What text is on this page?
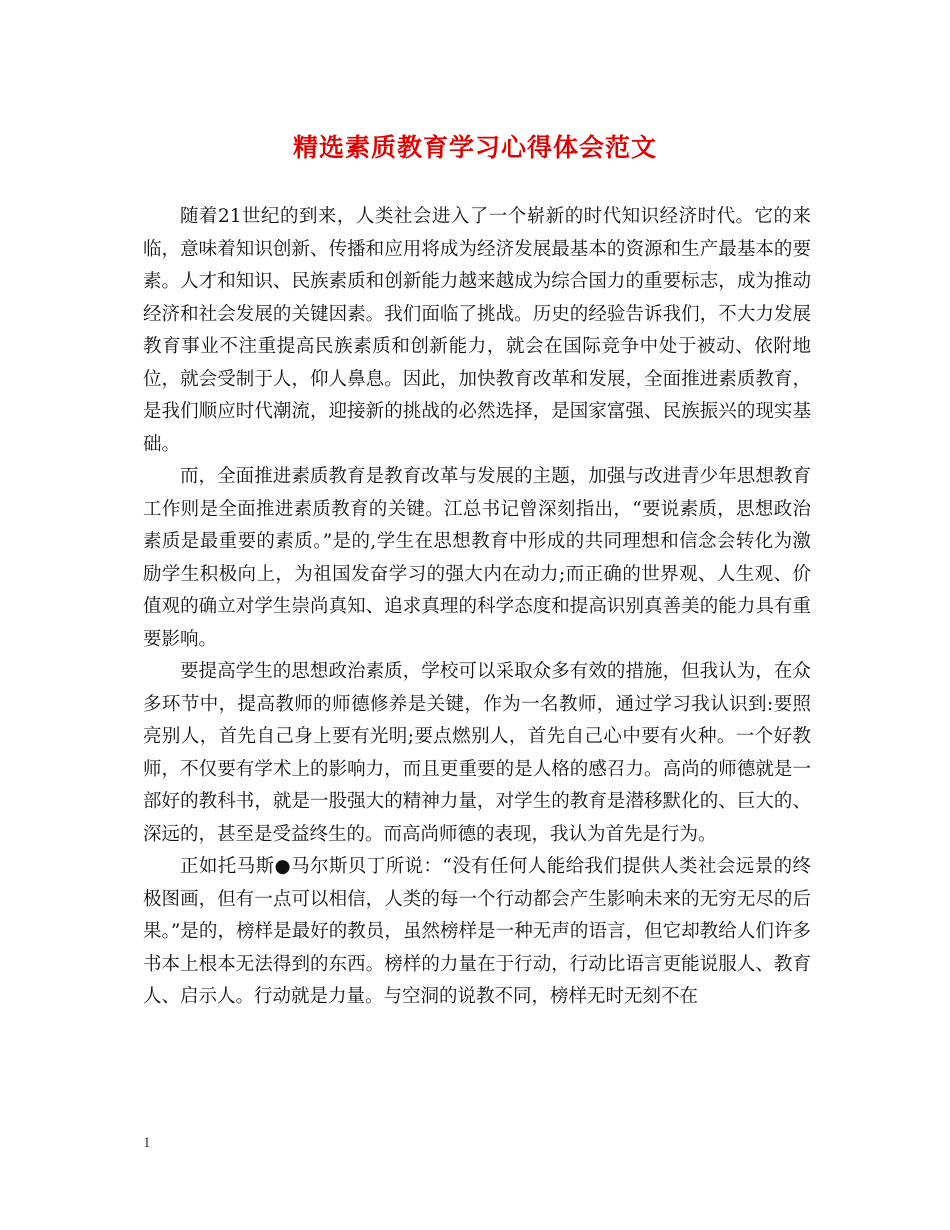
精选素质教育学习心得体会范文

随着21世纪的到来，人类社会进入了一个崭新的时代知识经济时代。它的来临，意味着知识创新、传播和应用将成为经济发展最基本的资源和生产最基本的要素。人才和知识、民族素质和创新能力越来越成为综合国力的重要标志，成为推动经济和社会发展的关键因素。我们面临了挑战。历史的经验告诉我们，不大力发展教育事业不注重提高民族素质和创新能力，就会在国际竞争中处于被动、依附地位，就会受制于人，仰人鼻息。因此，加快教育改革和发展，全面推进素质教育，是我们顺应时代潮流，迎接新的挑战的必然选择，是国家富强、民族振兴的现实基础。

而，全面推进素质教育是教育改革与发展的主题，加强与改进青少年思想教育工作则是全面推进素质教育的关键。江总书记曾深刻指出，“要说素质，思想政治素质是最重要的素质。”是的,学生在思想教育中形成的共同理想和信念会转化为激励学生积极向上，为祖国发奋学习的强大内在动力;而正确的世界观、人生观、价值观的确立对学生崇尚真知、追求真理的科学态度和提高识别真善美的能力具有重要影响。

要提高学生的思想政治素质，学校可以采取众多有效的措施，但我认为，在众多环节中，提高教师的师德修养是关键，作为一名教师，通过学习我认识到:要照亮别人，首先自己身上要有光明;要点燃别人，首先自己心中要有火种。一个好教师，不仅要有学术上的影响力，而且更重要的是人格的感召力。高尚的师德就是一部好的教科书，就是一股强大的精神力量，对学生的教育是潜移默化的、巨大的、深远的，甚至是受益终生的。而高尚师德的表现，我认为首先是行为。

正如托马斯●马尔斯贝丁所说：“没有任何人能给我们提供人类社会远景的终极图画，但有一点可以相信，人类的每一个行动都会产生影响未来的无穷无尽的后果。”是的，榜样是最好的教员，虽然榜样是一种无声的语言，但它却教给人们许多书本上根本无法得到的东西。榜样的力量在于行动，行动比语言更能说服人、教育人、启示人。行动就是力量。与空洞的说教不同，榜样无时无刻不在

1
